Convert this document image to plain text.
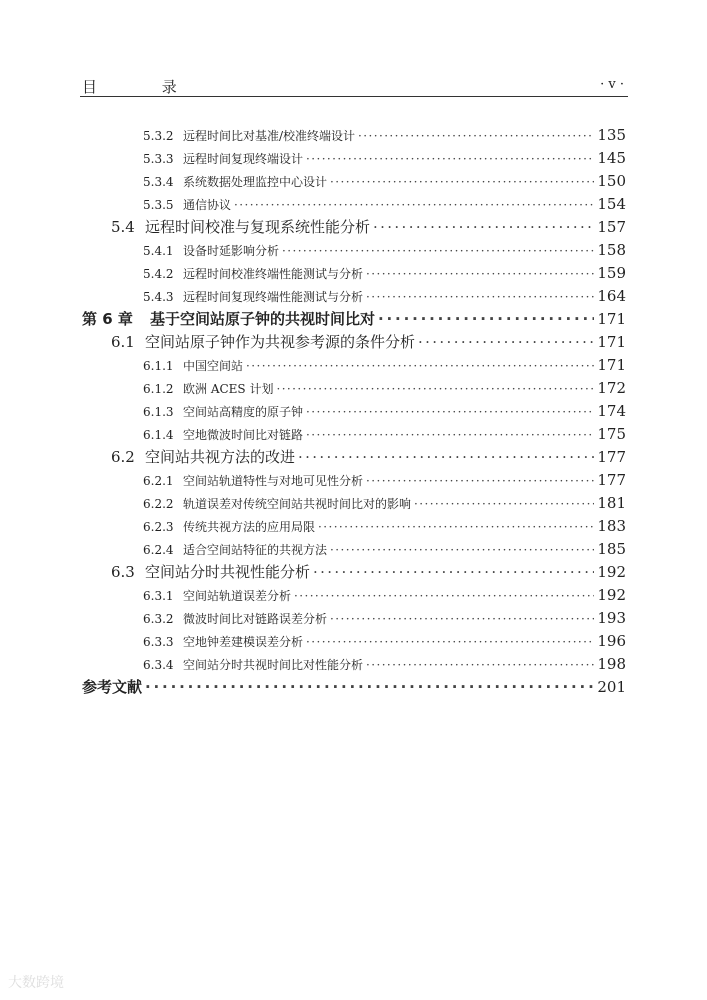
目 录	· v ·
5.3.2 远程时间比对基准/校准终端设计 · · ·	135
5.3.3 远程时间复现终端设计 · · ·	145
5.3.4 系统数据处理监控中心设计 · · ·	150
5.3.5 通信协议 · · ·	154
5.4 远程时间校准与复现系统性能分析 · · ·	157
5.4.1 设备时延影响分析 · · ·	158
5.4.2 远程时间校准终端性能测试与分析 · · ·	159
5.4.3 远程时间复现终端性能测试与分析 · · ·	164
第 6 章	基于空间站原子钟的共视时间比对 · · ·	171
6.1 空间站原子钟作为共视参考源的条件分析 · · ·	171
6.1.1 中国空间站 · · ·	171
6.1.2 欧洲 ACES 计划 · · ·	172
6.1.3 空间站高精度的原子钟 · · ·	174
6.1.4 空地微波时间比对链路 · · ·	175
6.2 空间站共视方法的改进 · · ·	177
6.2.1 空间站轨道特性与对地可见性分析 · · ·	177
6.2.2 轨道误差对传统空间站共视时间比对的影响 · · ·	181
6.2.3 传统共视方法的应用局限 · · ·	183
6.2.4 适合空间站特征的共视方法 · · ·	185
6.3 空间站分时共视性能分析 · · ·	192
6.3.1 空间站轨道误差分析 · · ·	192
6.3.2 微波时间比对链路误差分析 · · ·	193
6.3.3 空地钟差建模误差分析 · · ·	196
6.3.4 空间站分时共视时间比对性能分析 · · ·	198
参考文献 · · ·	201
大数跨境
